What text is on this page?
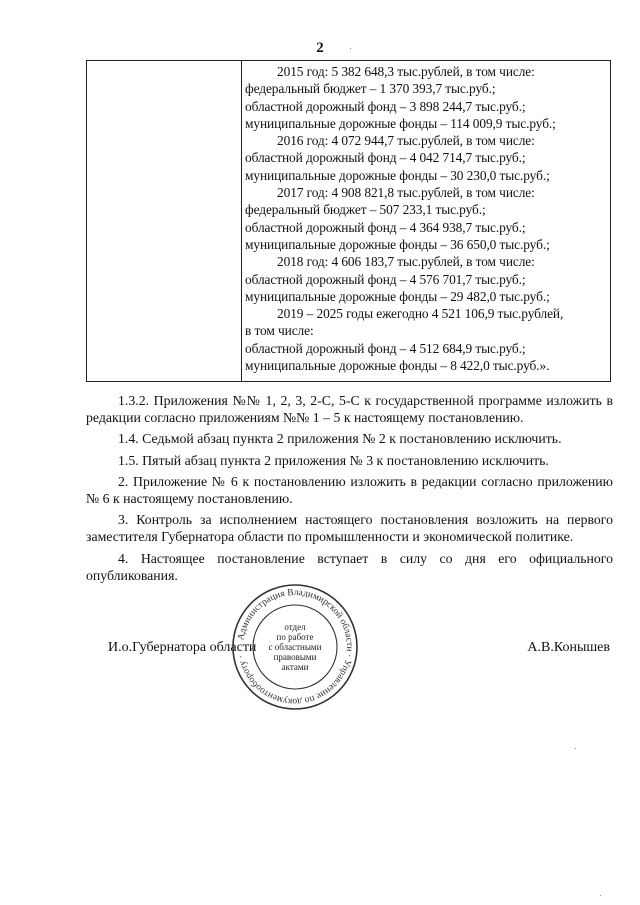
2
2015 год: 5 382 648,3 тыс.рублей, в том числе:
федеральный бюджет – 1 370 393,7 тыс.руб.;
областной дорожный фонд – 3 898 244,7 тыс.руб.;
муниципальные дорожные фонды – 114 009,9 тыс.руб.;
2016 год: 4 072 944,7 тыс.рублей, в том числе:
областной дорожный фонд – 4 042 714,7 тыс.руб.;
муниципальные дорожные фонды – 30 230,0 тыс.руб.;
2017 год: 4 908 821,8 тыс.рублей, в том числе:
федеральный бюджет – 507 233,1 тыс.руб.;
областной дорожный фонд – 4 364 938,7 тыс.руб.;
муниципальные дорожные фонды – 36 650,0 тыс.руб.;
2018 год: 4 606 183,7 тыс.рублей, в том числе:
областной дорожный фонд – 4 576 701,7 тыс.руб.;
муниципальные дорожные фонды – 29 482,0 тыс.руб.;
2019 – 2025 годы ежегодно 4 521 106,9 тыс.рублей,
в том числе:
областной дорожный фонд – 4 512 684,9 тыс.руб.;
муниципальные дорожные фонды – 8 422,0 тыс.руб.».

1.3.2. Приложения №№ 1, 2, 3, 2-С, 5-С к государственной программе изложить в редакции согласно приложениям №№ 1 – 5 к настоящему постановлению.

1.4. Седьмой абзац пункта 2 приложения № 2 к постановлению исключить.

1.5. Пятый абзац пункта 2 приложения № 3 к постановлению исключить.

2. Приложение № 6 к постановлению изложить в редакции согласно приложению № 6 к настоящему постановлению.

3. Контроль за исполнением настоящего постановления возложить на первого заместителя Губернатора области по промышленности и экономической политике.

4. Настоящее постановление вступает в силу со дня его официального опубликования.

И.о.Губернатора области	А.В.Конышев
Администрация Владимирской области · Управление по документообороту ·
отдел
по работе
с областными
правовыми
актами
